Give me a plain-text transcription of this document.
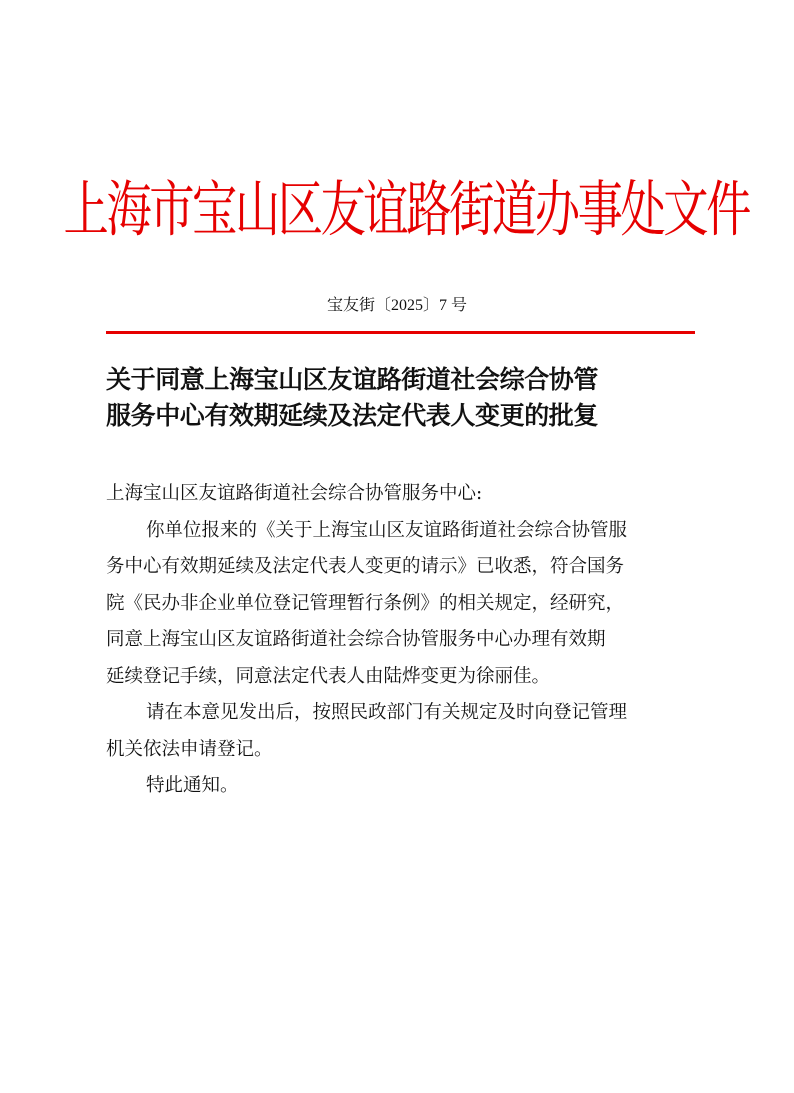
上海市宝山区友谊路街道办事处文件
宝友街〔2025〕7 号
关于同意上海宝山区友谊路街道社会综合协管
服务中心有效期延续及法定代表人变更的批复
上海宝山区友谊路街道社会综合协管服务中心:
你单位报来的《关于上海宝山区友谊路街道社会综合协管服
务中心有效期延续及法定代表人变更的请示》已收悉，符合国务
院《民办非企业单位登记管理暂行条例》的相关规定，经研究，
同意上海宝山区友谊路街道社会综合协管服务中心办理有效期
延续登记手续，同意法定代表人由陆烨变更为徐丽佳。
请在本意见发出后，按照民政部门有关规定及时向登记管理
机关依法申请登记。
特此通知。
